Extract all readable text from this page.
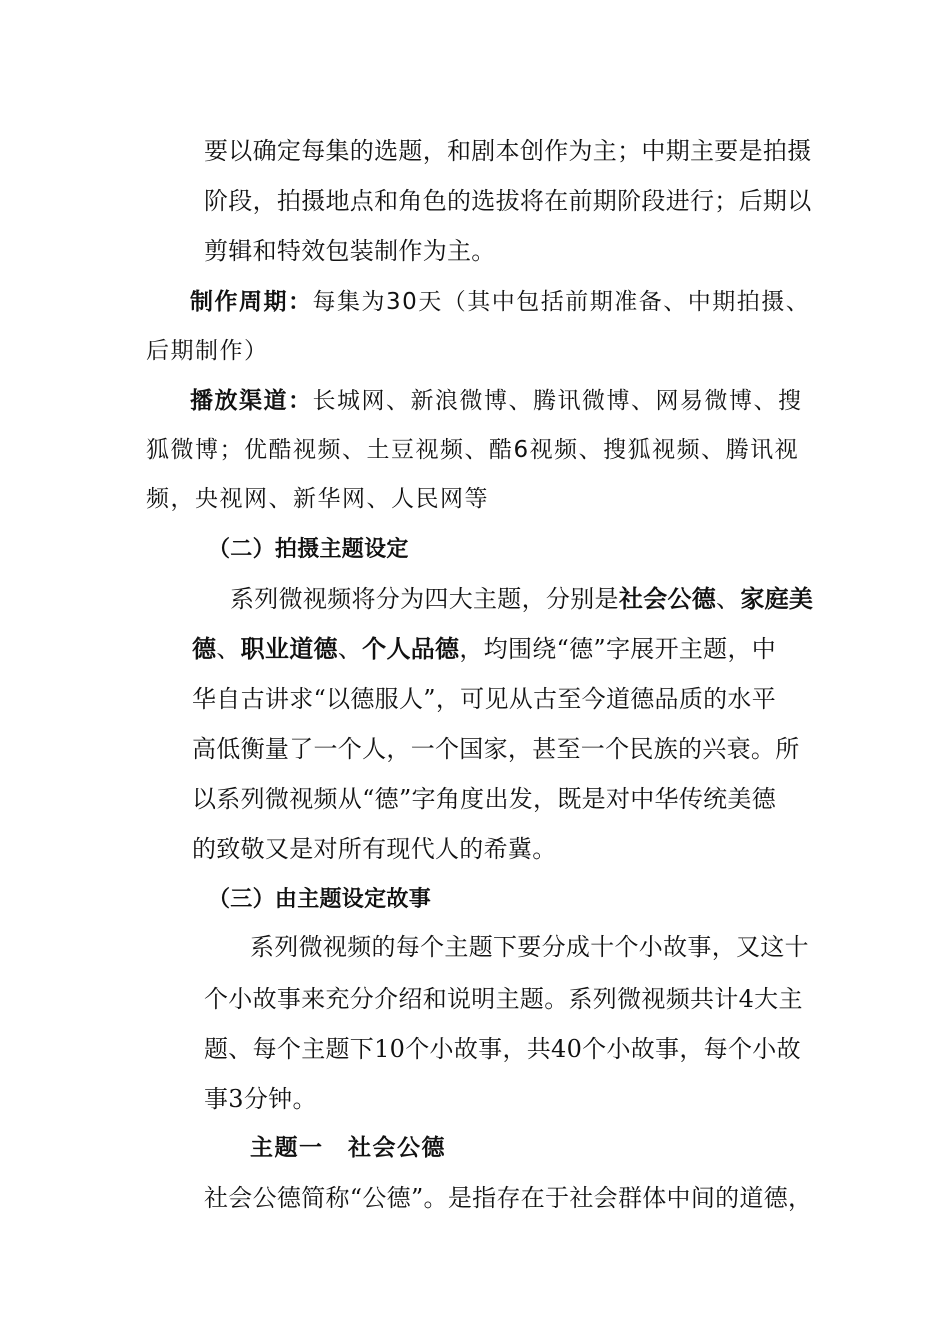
要以确定每集的选题，和剧本创作为主；中期主要是拍摄
阶段，拍摄地点和角色的选拔将在前期阶段进行；后期以
剪辑和特效包装制作为主。
制作周期：每集为30天（其中包括前期准备、中期拍摄、
后期制作）
播放渠道：长城网、新浪微博、腾讯微博、网易微博、搜
狐微博；优酷视频、土豆视频、酷6视频、搜狐视频、腾讯视
频，央视网、新华网、人民网等
（二）拍摄主题设定
系列微视频将分为四大主题，分别是社会公德、家庭美
德、职业道德、个人品德，均围绕“德”字展开主题，中
华自古讲求“以德服人”，可见从古至今道德品质的水平
高低衡量了一个人，一个国家，甚至一个民族的兴衰。所
以系列微视频从“德”字角度出发，既是对中华传统美德
的致敬又是对所有现代人的希冀。
（三）由主题设定故事
系列微视频的每个主题下要分成十个小故事，又这十
个小故事来充分介绍和说明主题。系列微视频共计4大主
题、每个主题下10个小故事，共40个小故事，每个小故
事3分钟。
主题一　社会公德
社会公德简称“公德”。是指存在于社会群体中间的道德，
